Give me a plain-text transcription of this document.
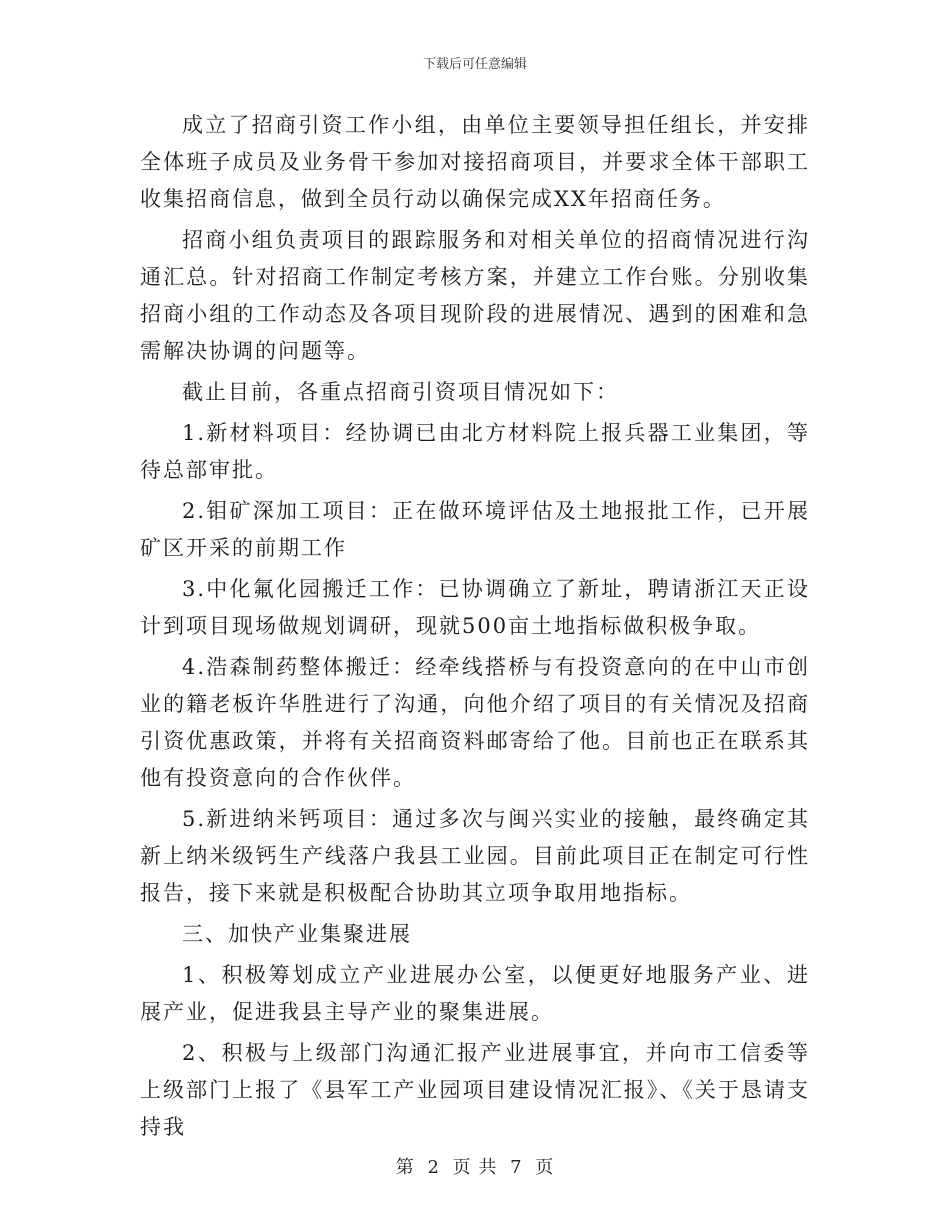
下载后可任意编辑

成立了招商引资工作小组，由单位主要领导担任组长，并安排全体班子成员及业务骨干参加对接招商项目，并要求全体干部职工收集招商信息，做到全员行动以确保完成XX年招商任务。

招商小组负责项目的跟踪服务和对相关单位的招商情况进行沟通汇总。针对招商工作制定考核方案，并建立工作台账。分别收集招商小组的工作动态及各项目现阶段的进展情况、遇到的困难和急需解决协调的问题等。

截止目前，各重点招商引资项目情况如下：

1.新材料项目：经协调已由北方材料院上报兵器工业集团，等待总部审批。

2.钼矿深加工项目：正在做环境评估及土地报批工作，已开展矿区开采的前期工作

3.中化氟化园搬迁工作：已协调确立了新址，聘请浙江天正设计到项目现场做规划调研，现就500亩土地指标做积极争取。

4.浩森制药整体搬迁：经牵线搭桥与有投资意向的在中山市创业的籍老板许华胜进行了沟通，向他介绍了项目的有关情况及招商引资优惠政策，并将有关招商资料邮寄给了他。目前也正在联系其他有投资意向的合作伙伴。

5.新进纳米钙项目：通过多次与闽兴实业的接触，最终确定其新上纳米级钙生产线落户我县工业园。目前此项目正在制定可行性报告，接下来就是积极配合协助其立项争取用地指标。

三、加快产业集聚进展

1、积极筹划成立产业进展办公室，以便更好地服务产业、进展产业，促进我县主导产业的聚集进展。

2、积极与上级部门沟通汇报产业进展事宜，并向市工信委等上级部门上报了《县军工产业园项目建设情况汇报》、《关于恳请支持我

第 2 页 共 7 页
